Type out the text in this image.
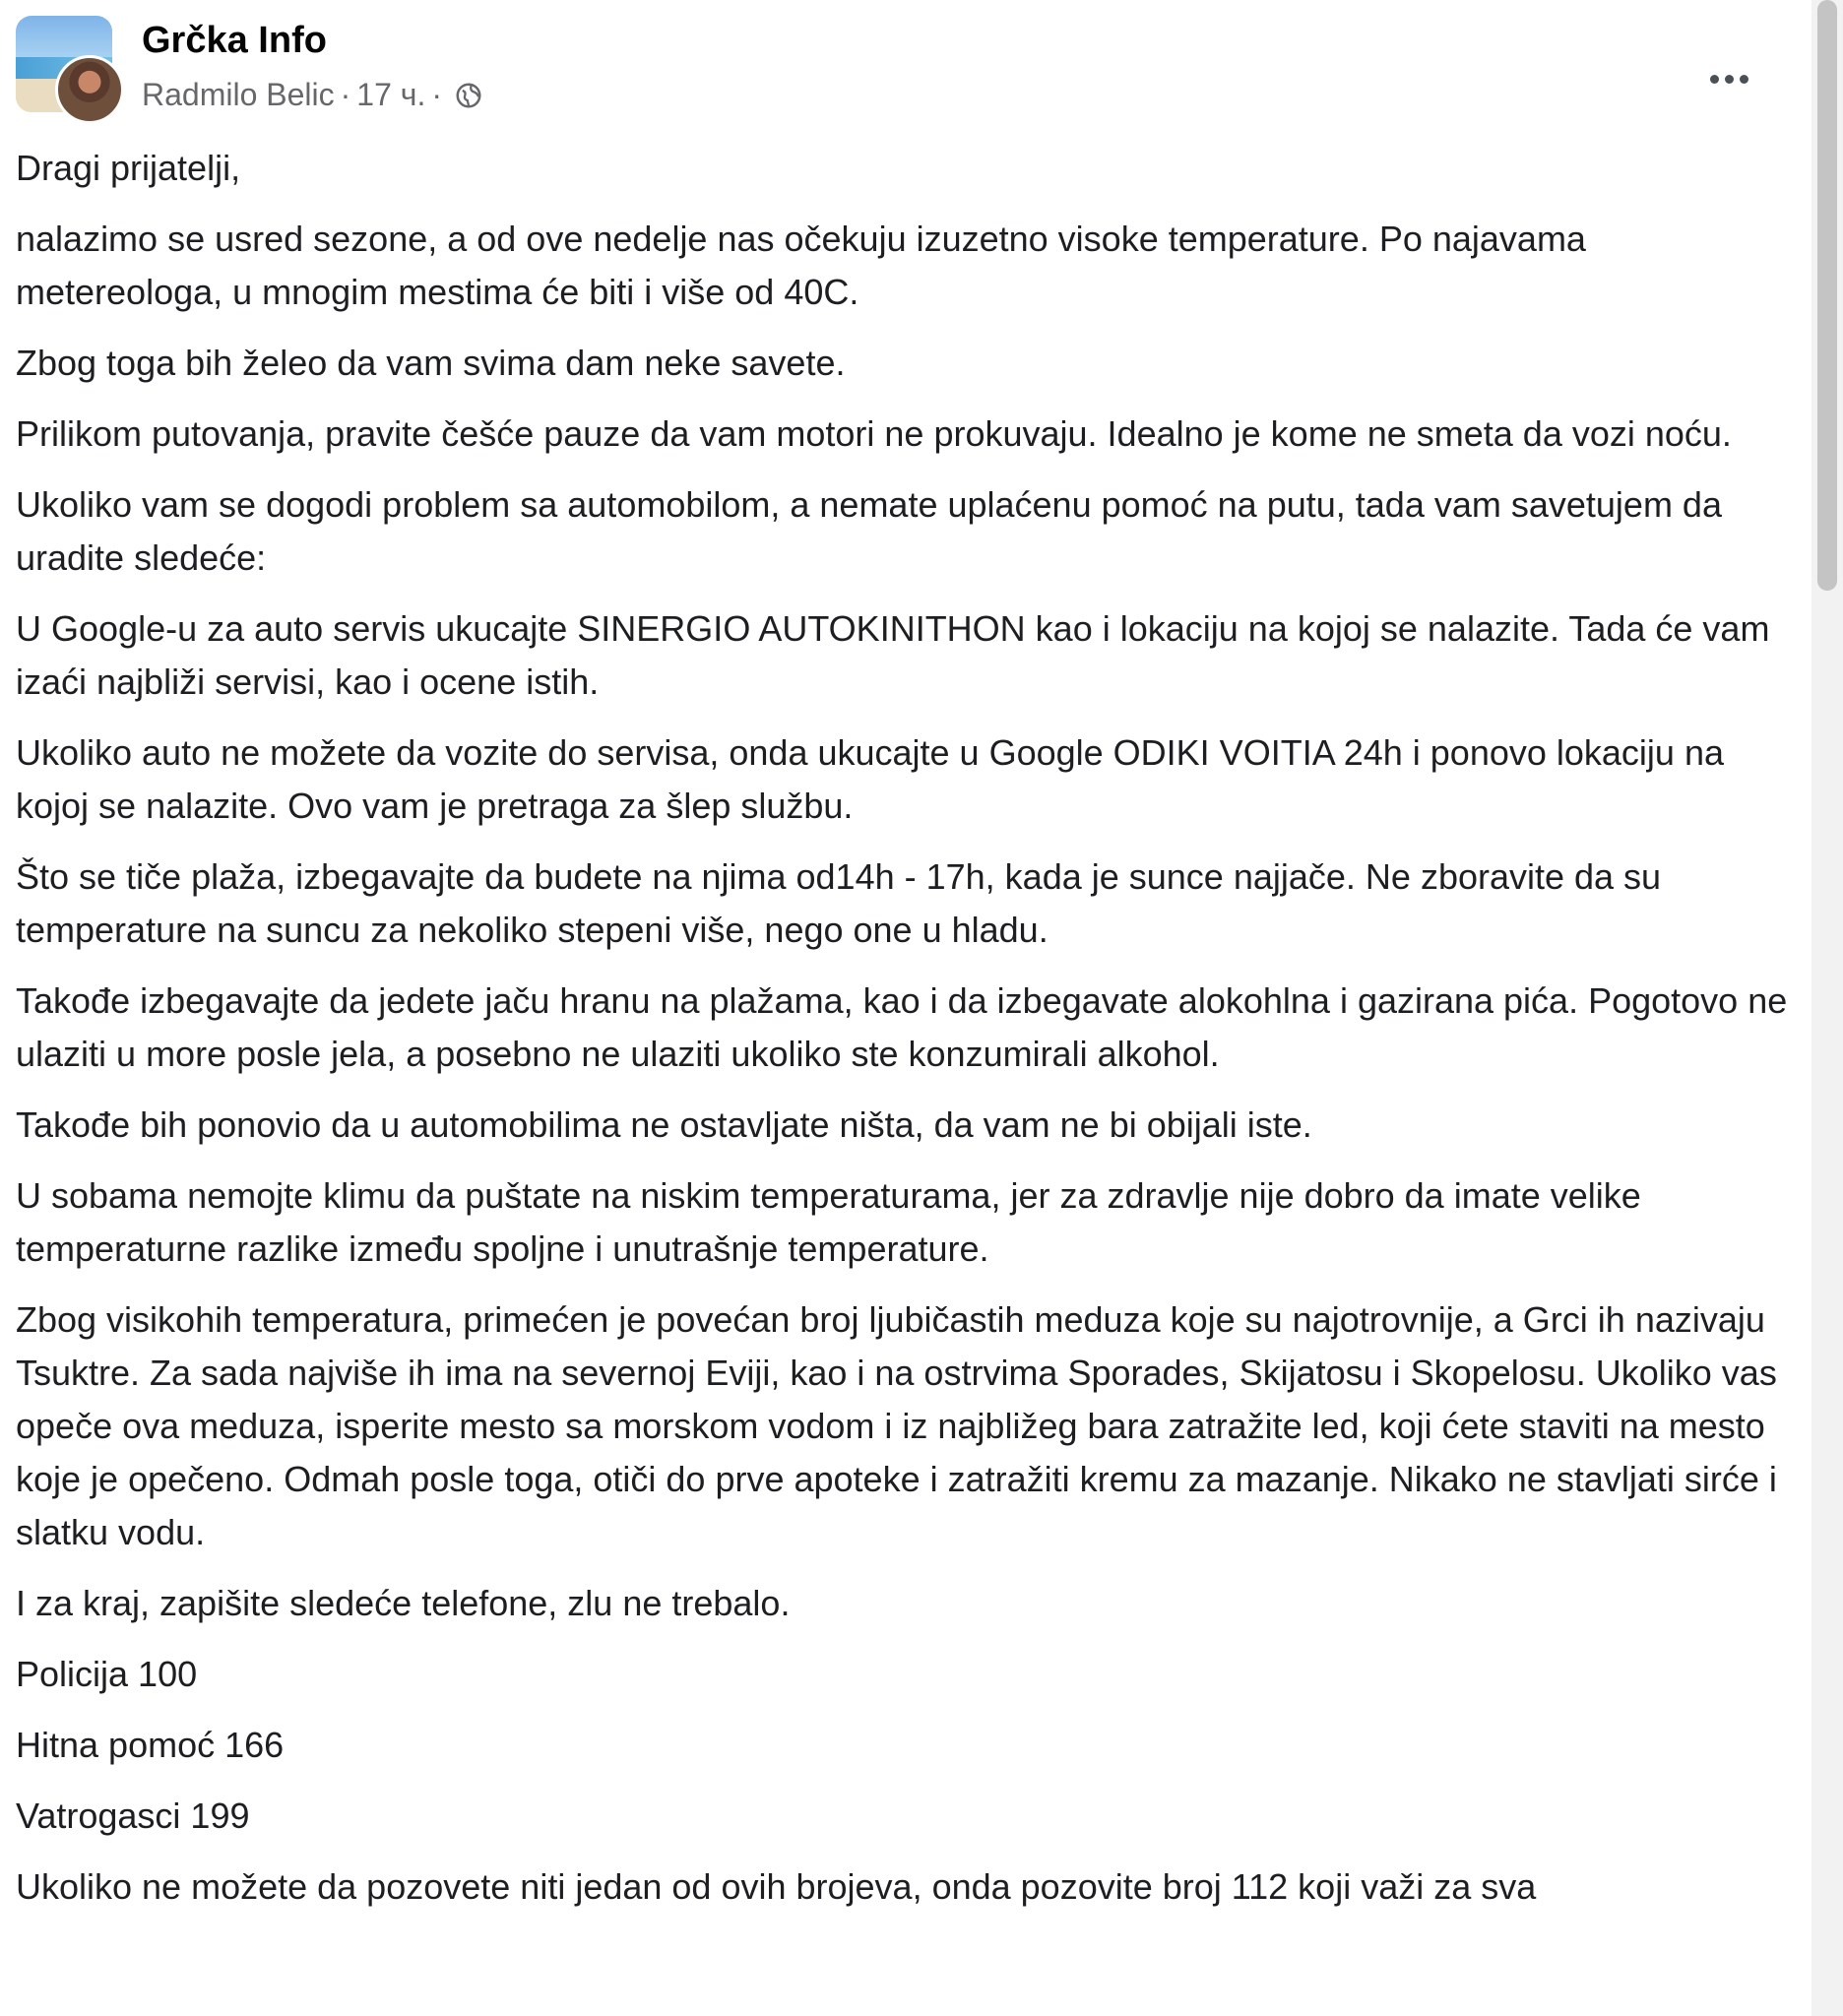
Grčka Info
Radmilo Belic · 17 ч. ·

Dragi prijatelji,

nalazimo se usred sezone, a od ove nedelje nas očekuju izuzetno visoke temperature. Po najavama metereologa, u mnogim mestima će biti i više od 40C.

Zbog toga bih želeo da vam svima dam neke savete.

Prilikom putovanja, pravite češće pauze da vam motori ne prokuvaju. Idealno je kome ne smeta da vozi noću.

Ukoliko vam se dogodi problem sa automobilom, a nemate uplaćenu pomoć na putu, tada vam savetujem da uradite sledeće:

U Google-u za auto servis ukucajte SINERGIO AUTOKINITHON kao i lokaciju na kojoj se nalazite. Tada će vam izaći najbliži servisi, kao i ocene istih.

Ukoliko auto ne možete da vozite do servisa, onda ukucajte u Google ODIKI VOITIA 24h i ponovo lokaciju na kojoj se nalazite. Ovo vam je pretraga za šlep službu.

Što se tiče plaža, izbegavajte da budete na njima od14h - 17h, kada je sunce najjače. Ne zboravite da su temperature na suncu za nekoliko stepeni više, nego one u hladu.

Takođe izbegavajte da jedete jaču hranu na plažama, kao i da izbegavate alokohlna i gazirana pića. Pogotovo ne ulaziti u more posle jela, a posebno ne ulaziti ukoliko ste konzumirali alkohol.

Takođe bih ponovio da u automobilima ne ostavljate ništa, da vam ne bi obijali iste.

U sobama nemojte klimu da puštate na niskim temperaturama, jer za zdravlje nije dobro da imate velike temperaturne razlike između spoljne i unutrašnje temperature.

Zbog visikohih temperatura, primećen je povećan broj ljubičastih meduza koje su najotrovnije, a Grci ih nazivaju Tsuktre. Za sada najviše ih ima na severnoj Eviji, kao i na ostrvima Sporades, Skijatosu i Skopelosu. Ukoliko vas opeče ova meduza, isperite mesto sa morskom vodom i iz najbližeg bara zatražite led, koji ćete staviti na mesto koje je opečeno. Odmah posle toga, otiči do prve apoteke i zatražiti kremu za mazanje. Nikako ne stavljati sirće i slatku vodu.

I za kraj, zapišite sledeće telefone, zlu ne trebalo.

Policija 100

Hitna pomoć 166

Vatrogasci 199

Ukoliko ne možete da pozovete niti jedan od ovih brojeva, onda pozovite broj 112 koji važi za sva
